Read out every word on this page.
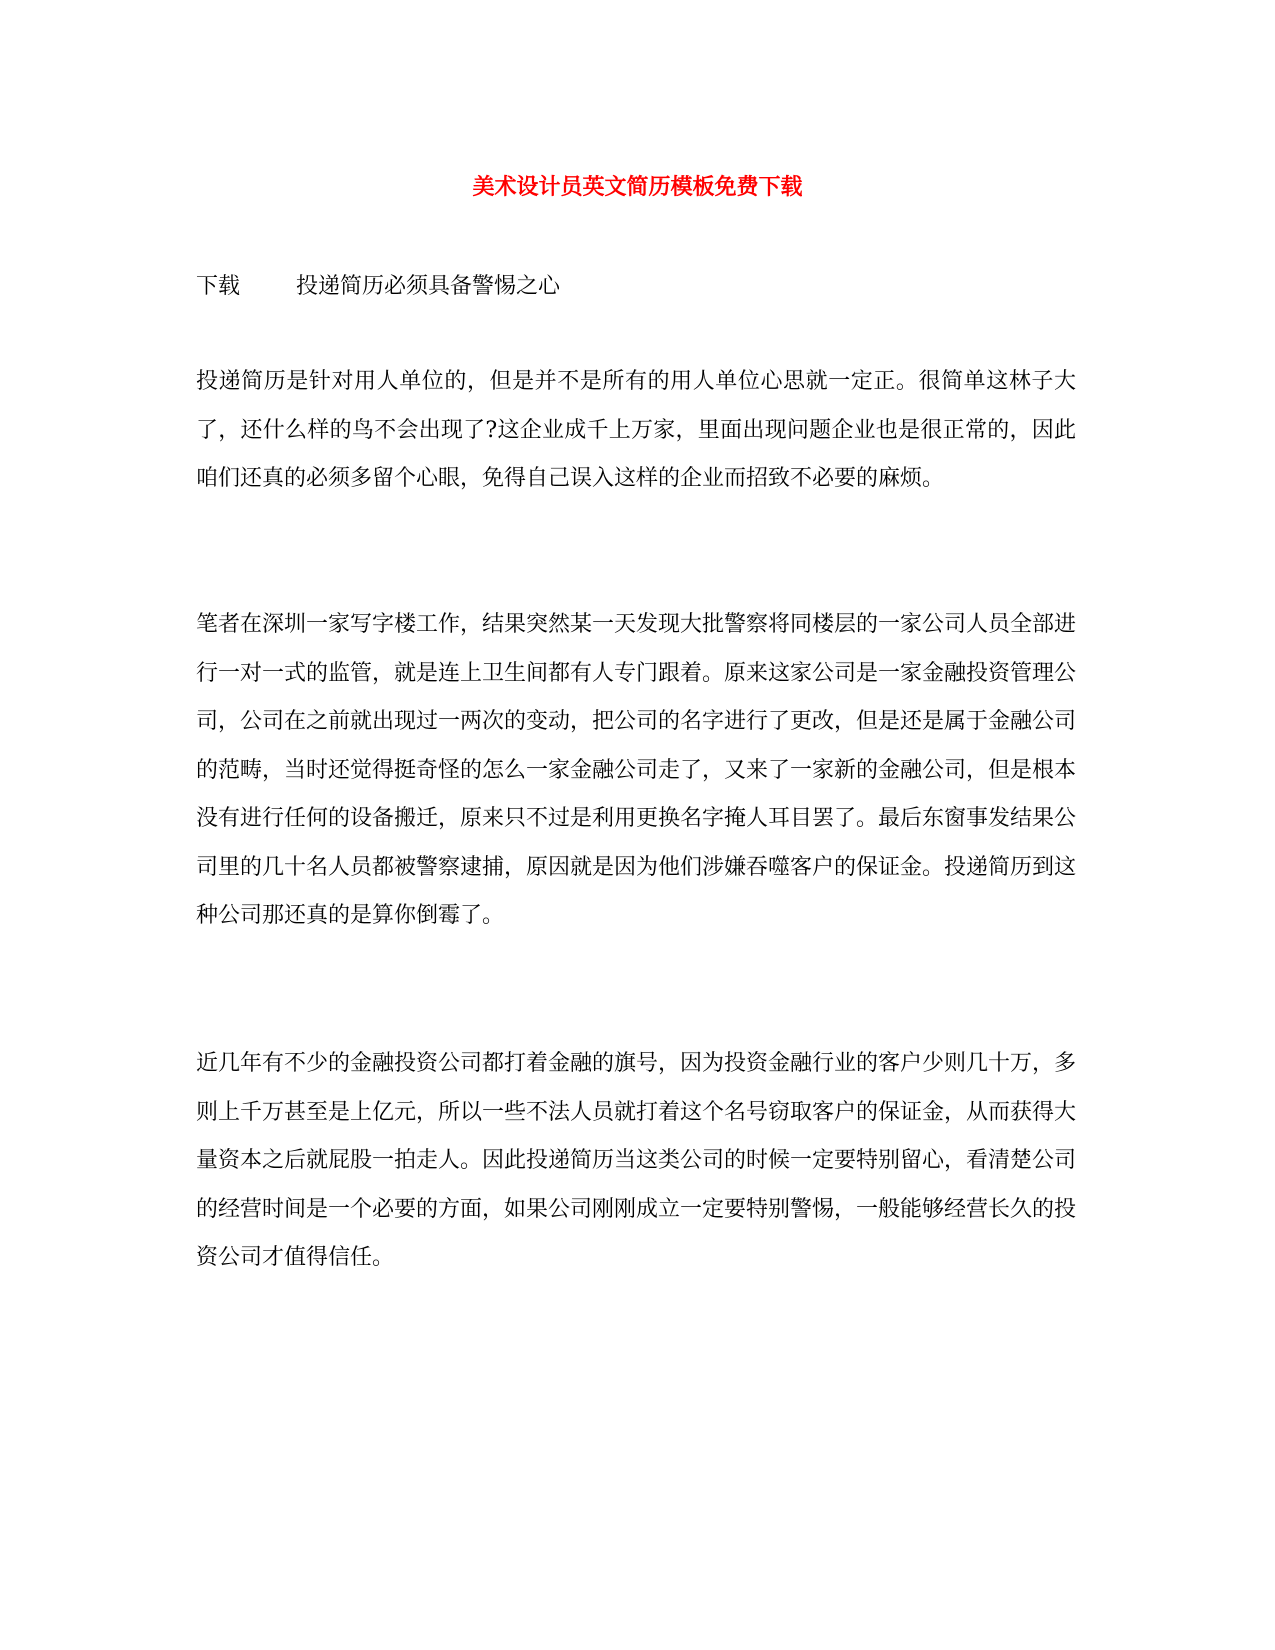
美术设计员英文简历模板免费下载
下载	投递简历必须具备警惕之心

投递简历是针对用人单位的，但是并不是所有的用人单位心思就一定正。很简单这林子大了，还什么样的鸟不会出现了?这企业成千上万家，里面出现问题企业也是很正常的，因此咱们还真的必须多留个心眼，免得自己误入这样的企业而招致不必要的麻烦。

笔者在深圳一家写字楼工作，结果突然某一天发现大批警察将同楼层的一家公司人员全部进行一对一式的监管，就是连上卫生间都有人专门跟着。原来这家公司是一家金融投资管理公司，公司在之前就出现过一两次的变动，把公司的名字进行了更改，但是还是属于金融公司的范畴，当时还觉得挺奇怪的怎么一家金融公司走了，又来了一家新的金融公司，但是根本没有进行任何的设备搬迁，原来只不过是利用更换名字掩人耳目罢了。最后东窗事发结果公司里的几十名人员都被警察逮捕，原因就是因为他们涉嫌吞噬客户的保证金。投递简历到这种公司那还真的是算你倒霉了。

近几年有不少的金融投资公司都打着金融的旗号，因为投资金融行业的客户少则几十万，多则上千万甚至是上亿元，所以一些不法人员就打着这个名号窃取客户的保证金，从而获得大量资本之后就屁股一拍走人。因此投递简历当这类公司的时候一定要特别留心，看清楚公司的经营时间是一个必要的方面，如果公司刚刚成立一定要特别警惕，一般能够经营长久的投资公司才值得信任。
